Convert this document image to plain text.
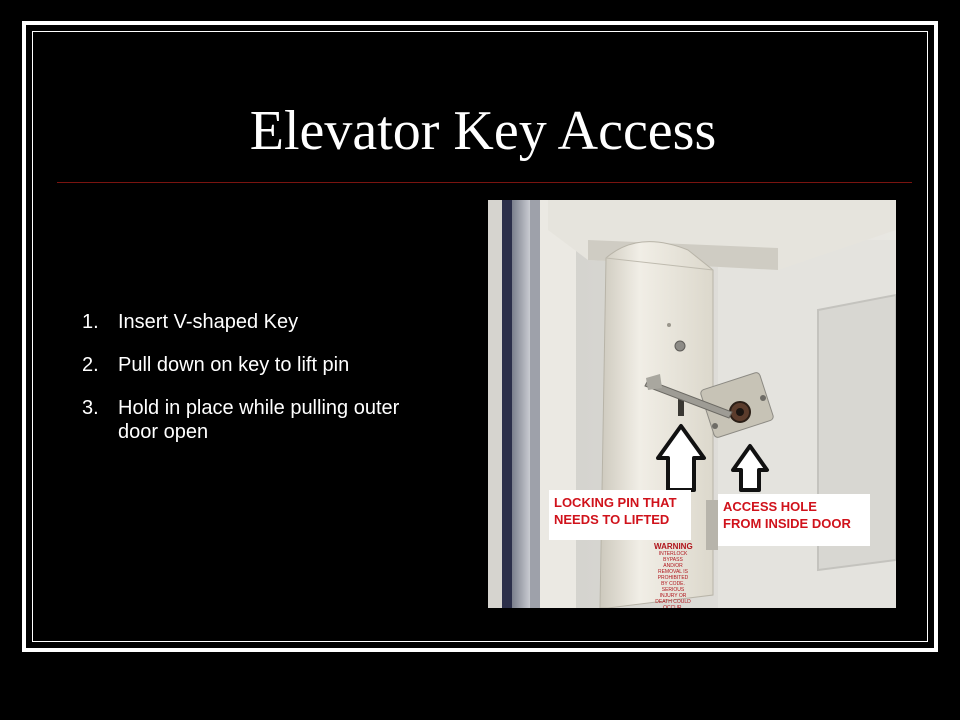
Elevator Key Access
1. Insert V-shaped Key
2. Pull down on key to lift pin
3. Hold in place while pulling outer door open
LOCKING PIN THAT
NEEDS TO LIFTED
ACCESS HOLE
FROM INSIDE DOOR
WARNING
INTERLOCK BYPASS AND/OR REMOVAL IS PROHIBITED BY CODE. SERIOUS INJURY OR DEATH COULD OCCUR.
